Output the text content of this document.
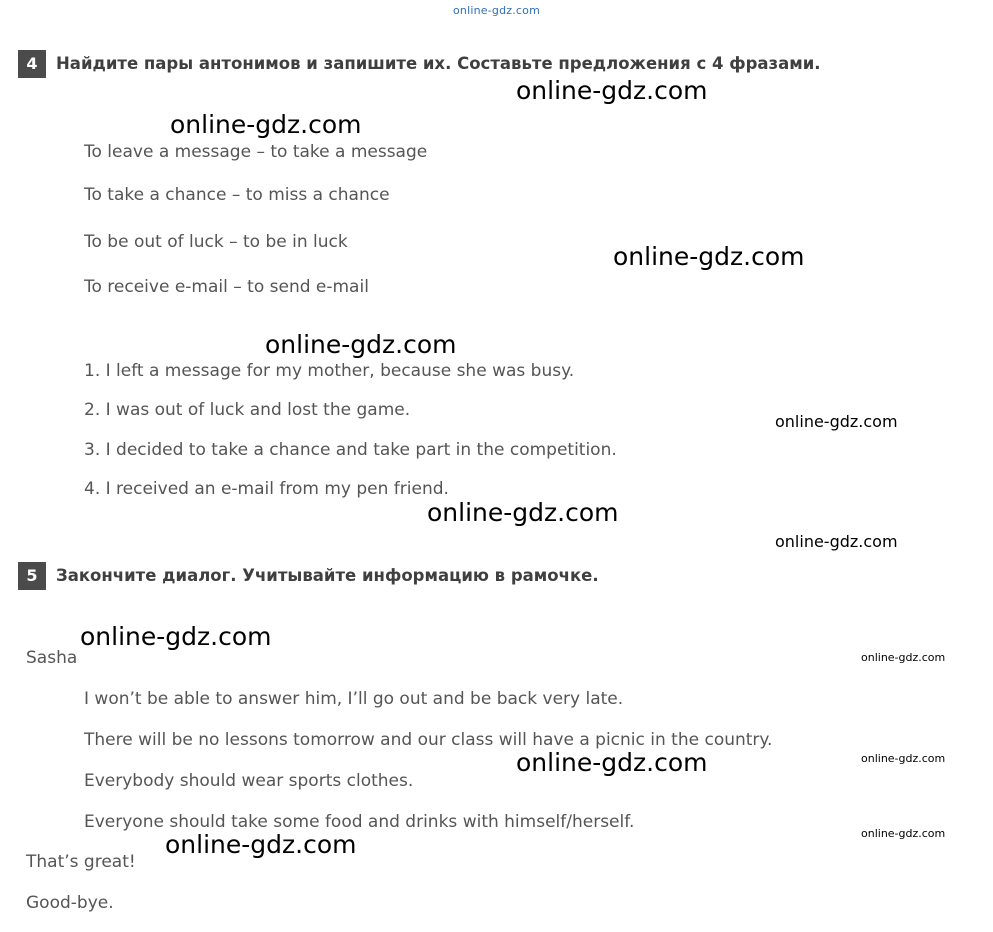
online-gdz.com
4	Найдите пары антонимов и запишите их. Составьте предложения с 4 фразами.
To leave a message – to take a message
To take a chance – to miss a chance
To be out of luck – to be in luck
To receive e-mail – to send e-mail
1. I left a message for my mother, because she was busy.
2. I was out of luck and lost the game.
3. I decided to take a chance and take part in the competition.
4. I received an e-mail from my pen friend.
5	Закончите диалог. Учитывайте информацию в рамочке.
Sasha
I won’t be able to answer him, I’ll go out and be back very late.
There will be no lessons tomorrow and our class will have a picnic in the country.
Everybody should wear sports clothes.
Everyone should take some food and drinks with himself/herself.
That’s great!
Good-bye.
online-gdz.com
online-gdz.com
online-gdz.com
online-gdz.com
online-gdz.com
online-gdz.com
online-gdz.com
online-gdz.com
online-gdz.com
online-gdz.com	online-gdz.com
online-gdz.com	online-gdz.com
